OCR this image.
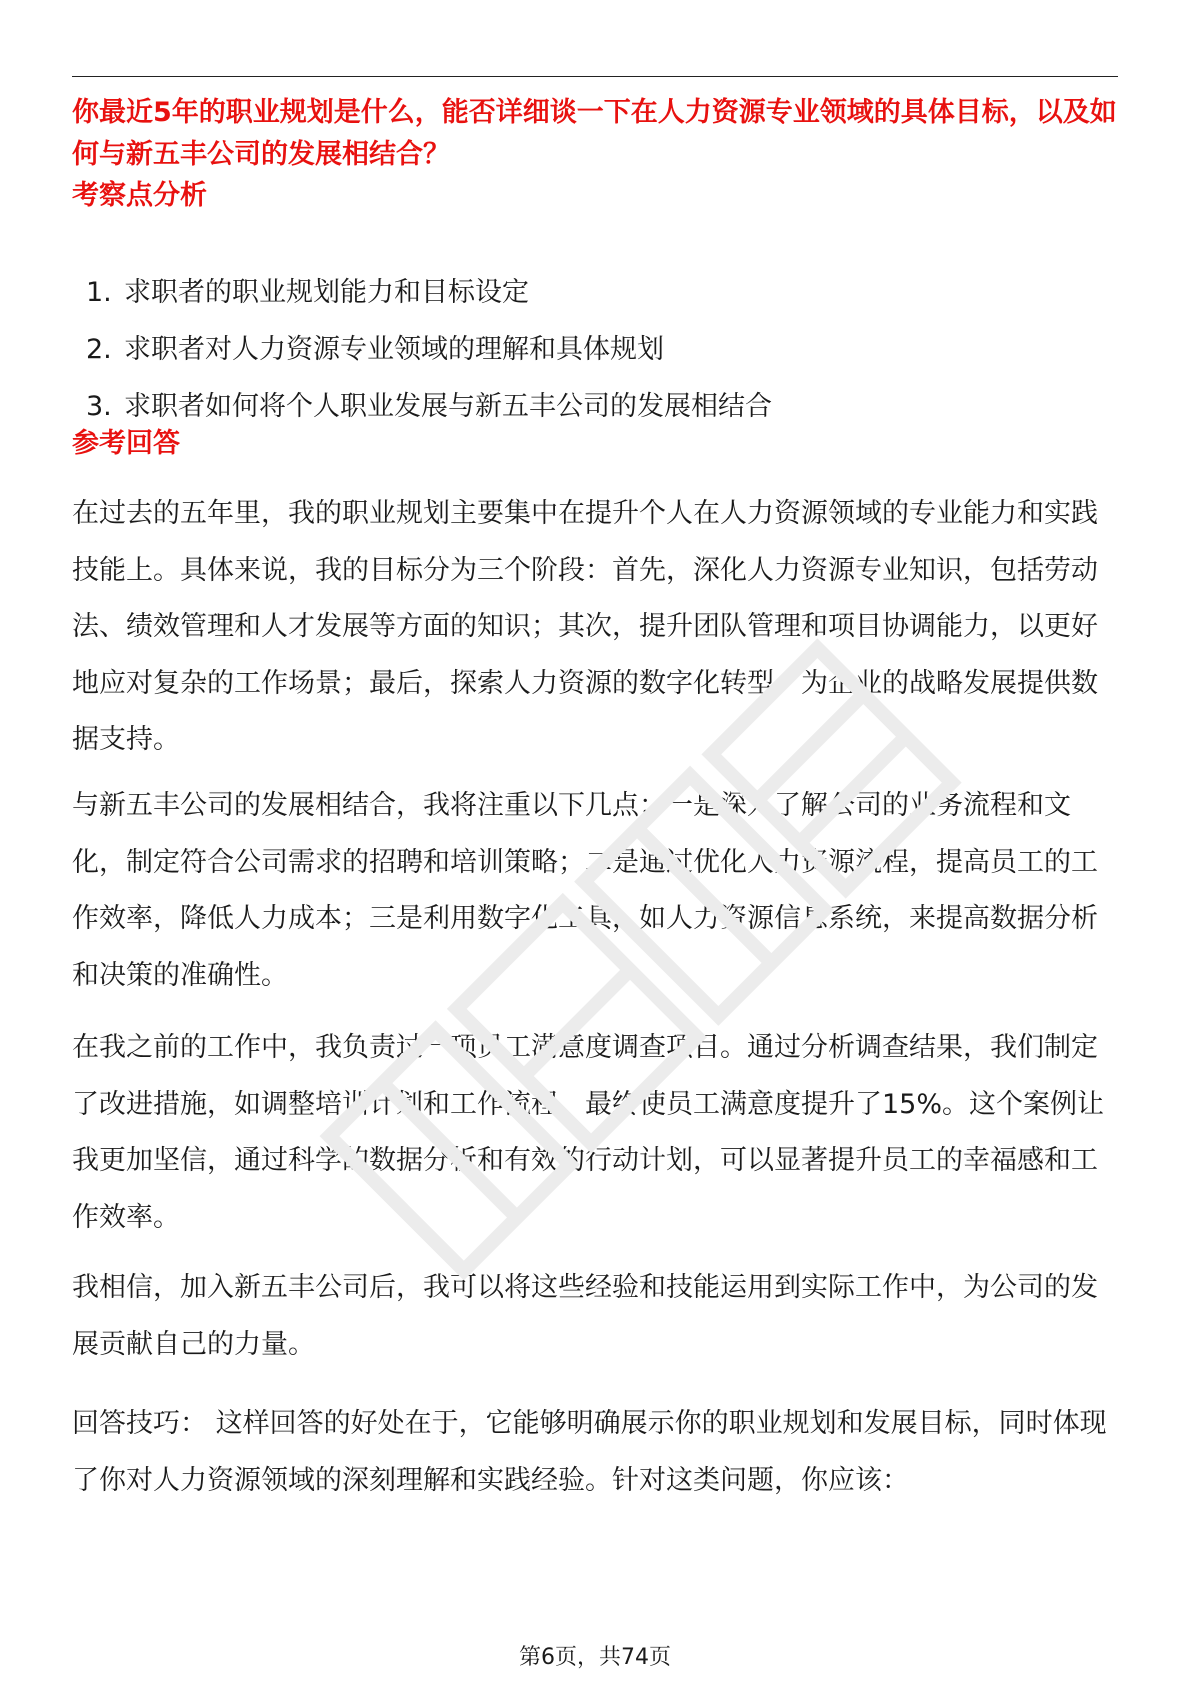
你最近5年的职业规划是什么，能否详细谈一下在人力资源专业领域的具体目标，以及如何与新五丰公司的发展相结合？
考察点分析
1. 求职者的职业规划能力和目标设定
2. 求职者对人力资源专业领域的理解和具体规划
3. 求职者如何将个人职业发展与新五丰公司的发展相结合
参考回答

在过去的五年里，我的职业规划主要集中在提升个人在人力资源领域的专业能力和实践技能上。具体来说，我的目标分为三个阶段：首先，深化人力资源专业知识，包括劳动法、绩效管理和人才发展等方面的知识；其次，提升团队管理和项目协调能力，以更好地应对复杂的工作场景；最后，探索人力资源的数字化转型，为企业的战略发展提供数据支持。

与新五丰公司的发展相结合，我将注重以下几点：一是深入了解公司的业务流程和文化，制定符合公司需求的招聘和培训策略；二是通过优化人力资源流程，提高员工的工作效率，降低人力成本；三是利用数字化工具，如人力资源信息系统，来提高数据分析和决策的准确性。

在我之前的工作中，我负责过一项员工满意度调查项目。通过分析调查结果，我们制定了改进措施，如调整培训计划和工作流程，最终使员工满意度提升了15%。这个案例让我更加坚信，通过科学的数据分析和有效的行动计划，可以显著提升员工的幸福感和工作效率。

我相信，加入新五丰公司后，我可以将这些经验和技能运用到实际工作中，为公司的发展贡献自己的力量。

回答技巧： 这样回答的好处在于，它能够明确展示你的职业规划和发展目标，同时体现了你对人力资源领域的深刻理解和实践经验。针对这类问题，你应该：

第6页，共74页
